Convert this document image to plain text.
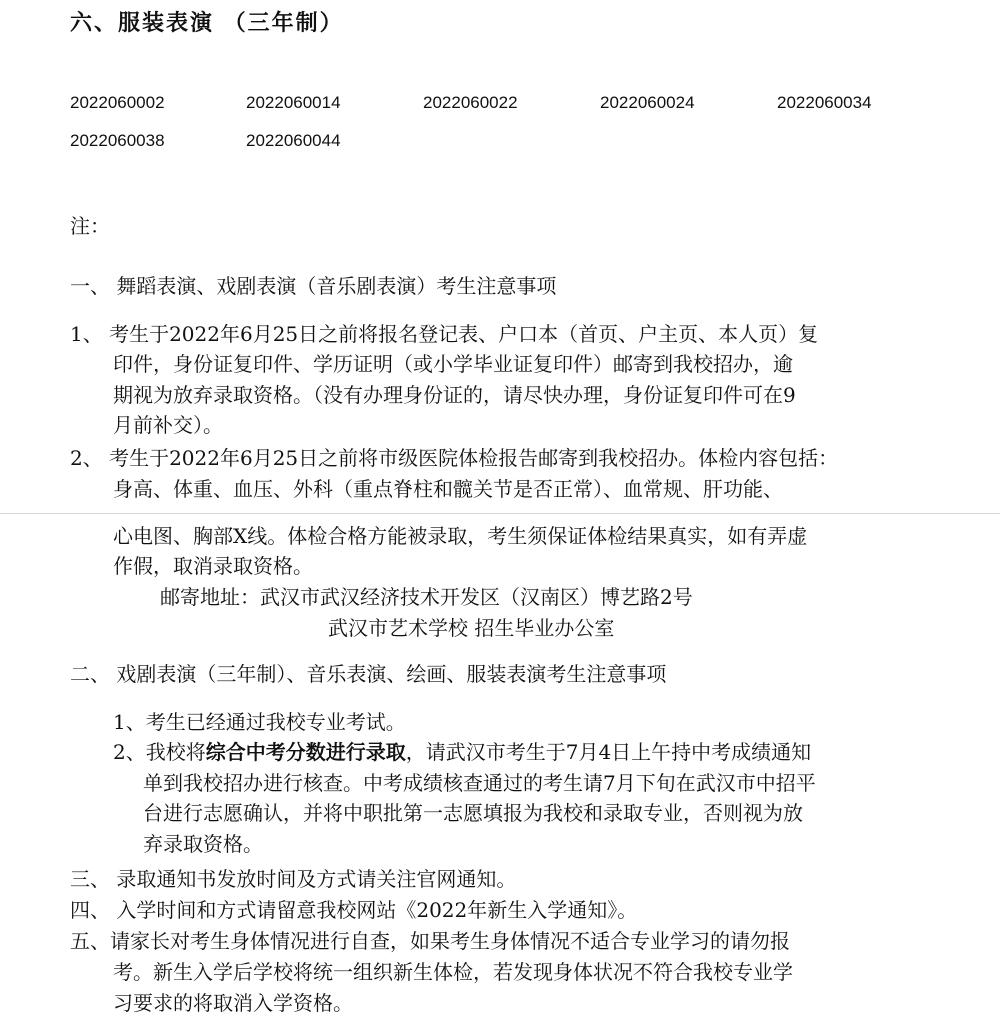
六、服装表演 （三年制）
2022060002	2022060014	2022060022	2022060024	2022060034
2022060038	2022060044
注：
一、 舞蹈表演、戏剧表演（音乐剧表演）考生注意事项
1、 考生于2022年6月25日之前将报名登记表、户口本（首页、户主页、本人页）复
印件，身份证复印件、学历证明（或小学毕业证复印件）邮寄到我校招办，逾
期视为放弃录取资格。（没有办理身份证的，请尽快办理，身份证复印件可在9
月前补交）。
2、 考生于2022年6月25日之前将市级医院体检报告邮寄到我校招办。体检内容包括：
身高、体重、血压、外科（重点脊柱和髋关节是否正常）、血常规、肝功能、
心电图、胸部X线。体检合格方能被录取，考生须保证体检结果真实，如有弄虚
作假，取消录取资格。
邮寄地址：武汉市武汉经济技术开发区（汉南区）博艺路2号
武汉市艺术学校 招生毕业办公室
二、 戏剧表演（三年制）、音乐表演、绘画、服装表演考生注意事项
1、考生已经通过我校专业考试。
2、我校将综合中考分数进行录取，请武汉市考生于7月4日上午持中考成绩通知
单到我校招办进行核查。中考成绩核查通过的考生请7月下旬在武汉市中招平
台进行志愿确认，并将中职批第一志愿填报为我校和录取专业，否则视为放
弃录取资格。
三、 录取通知书发放时间及方式请关注官网通知。
四、 入学时间和方式请留意我校网站《2022年新生入学通知》。
五、请家长对考生身体情况进行自查，如果考生身体情况不适合专业学习的请勿报
考。新生入学后学校将统一组织新生体检，若发现身体状况不符合我校专业学
习要求的将取消入学资格。
